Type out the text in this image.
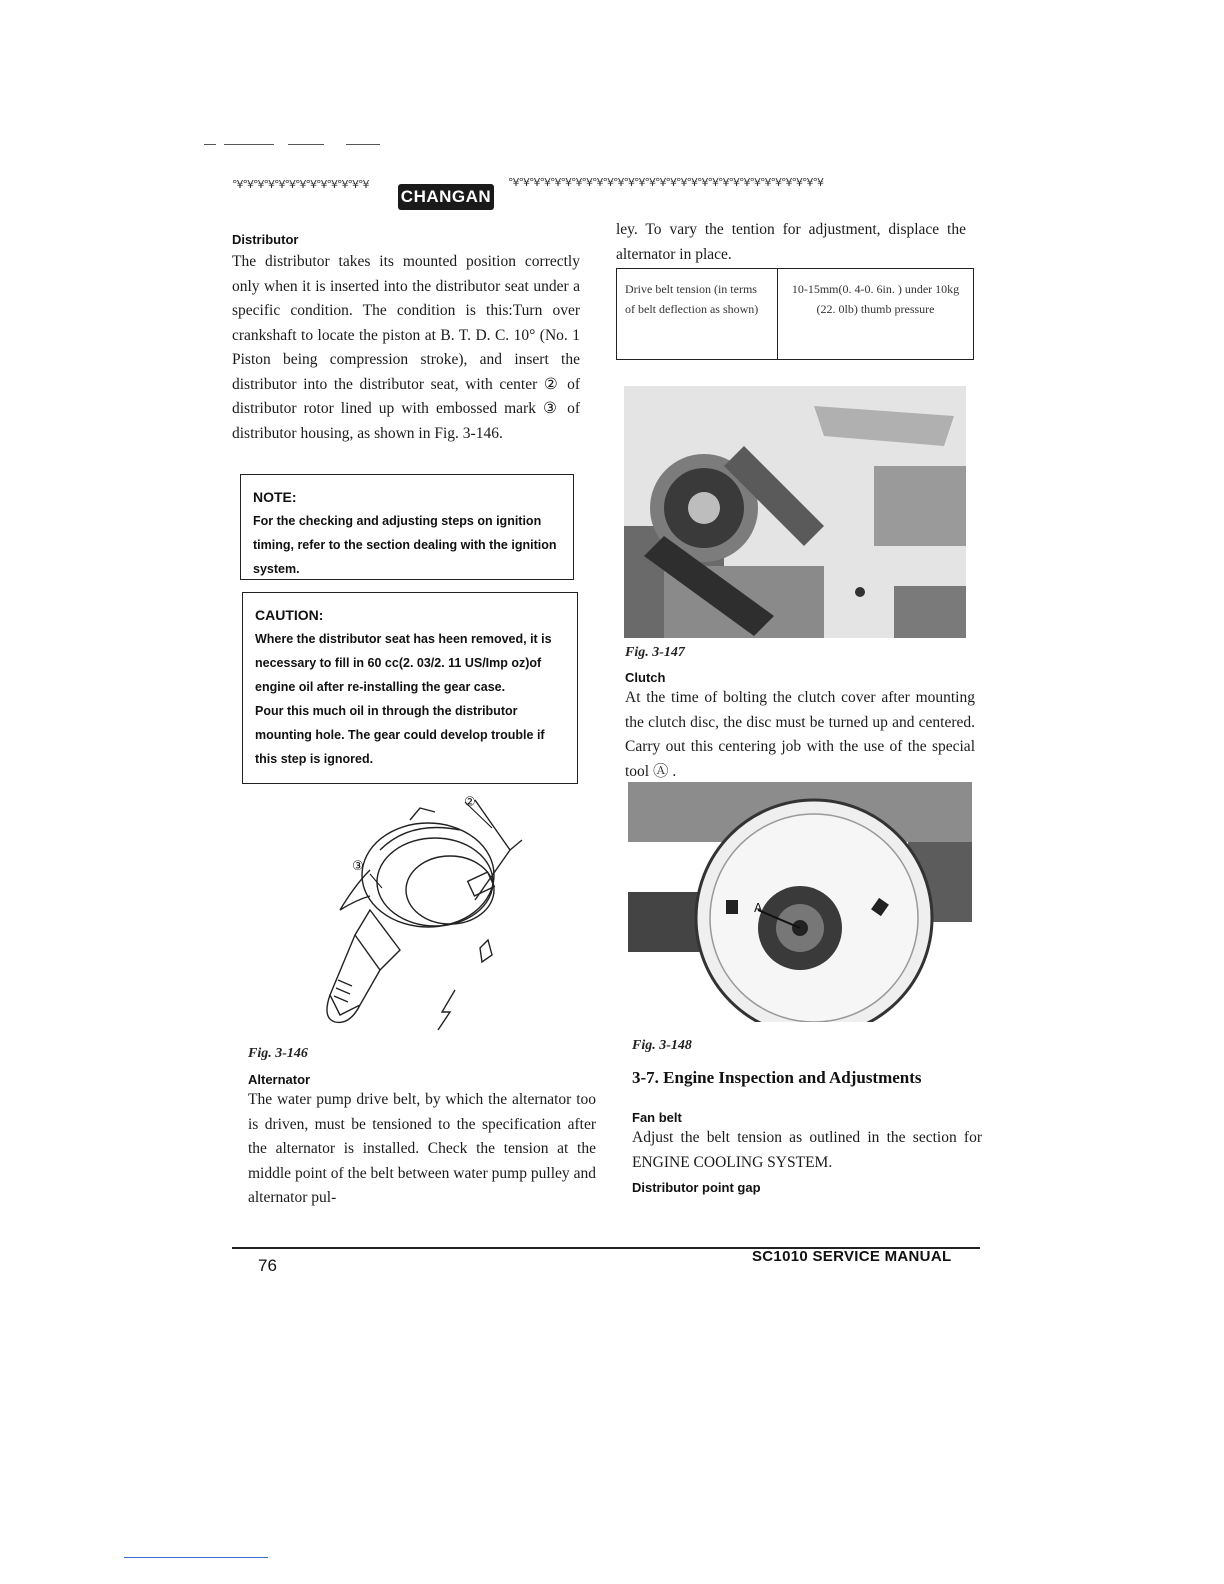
°¥°¥°¥°¥°¥°¥°¥°¥°¥°¥°¥°¥°¥
CHANGAN
°¥°¥°¥°¥°¥°¥°¥°¥°¥°¥°¥°¥°¥°¥°¥°¥°¥°¥°¥°¥°¥°¥°¥°¥°¥°¥°¥°¥°¥°¥
Distributor
The distributor takes its mounted position correctly only when it is inserted into the distributor seat under a specific condition. The condition is this:Turn over crankshaft to locate the piston at B. T. D. C. 10° (No. 1 Piston being compression stroke), and insert the distributor into the distributor seat, with center ② of distributor rotor lined up with embossed mark ③ of distributor housing, as shown in Fig. 3-146.
NOTE:
For the checking and adjusting steps on ignition timing, refer to the section dealing with the ignition system.
CAUTION:
Where the distributor seat has heen removed, it is necessary to fill in 60 cc(2. 03/2. 11 US/Imp oz)of engine oil after re-installing the gear case.
Pour this much oil in through the distributor mounting hole. The gear could develop trouble if this step is ignored.
②
③
Fig. 3-146
Alternator
The water pump drive belt, by which the alternator too is driven, must be tensioned to the specification after the alternator is installed. Check the tension at the middle point of the belt between water pump pulley and alternator pul-
ley. To vary the tention for adjustment, displace the alternator in place.
Drive belt tension (in terms of belt deflection as shown)	10-15mm(0. 4-0. 6in. ) under 10kg (22. 0lb) thumb pressure
Fig. 3-147
Clutch
At the time of bolting the clutch cover after mounting the clutch disc, the disc must be turned up and centered. Carry out this centering job with the use of the special tool Ⓐ .
A
Fig. 3-148
3-7. Engine Inspection and Adjustments
Fan belt
Adjust the belt tension as outlined in the section for ENGINE COOLING SYSTEM.
Distributor point gap
76	SC1010 SERVICE MANUAL
